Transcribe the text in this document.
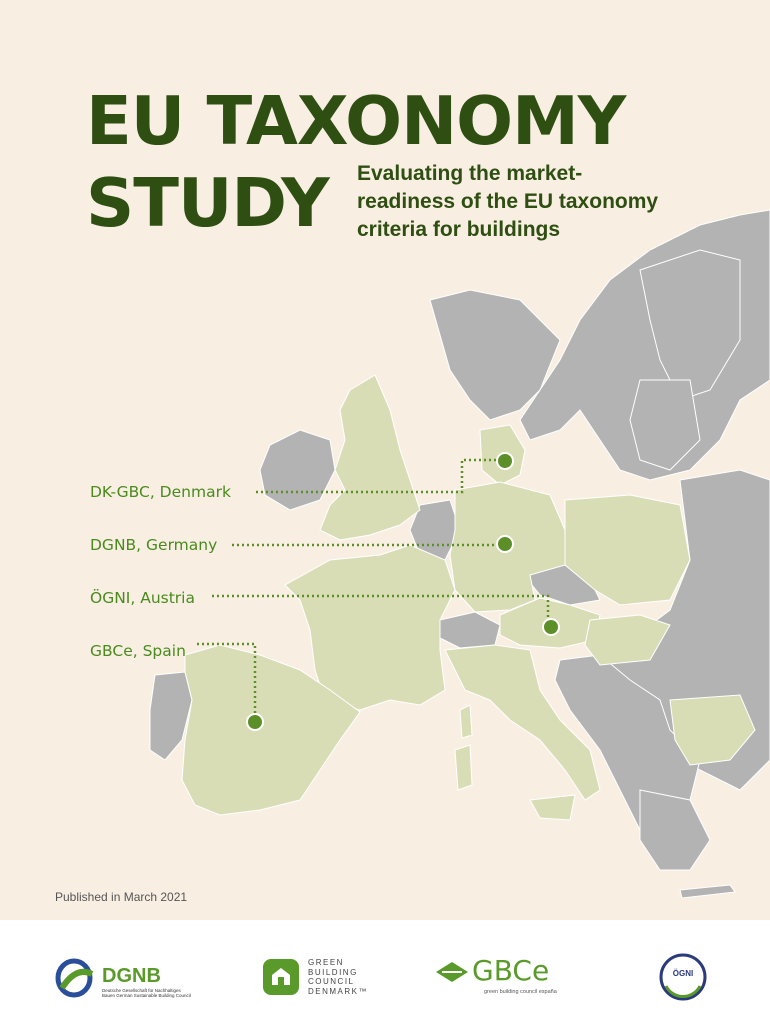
EU TAXONOMY
STUDY Evaluating the market-
readiness of the EU taxonomy
criteria for buildings

DK-GBC, Denmark
DGNB, Germany
ÖGNI, Austria
GBCe, Spain
Published in March 2021
DGNB
Deutsche Gesellschaft für Nachhaltiges Bauen German Sustainable Building Council
GREEN
BUILDING
COUNCIL
DENMARK™
GBCe
green building council españa
ÖGNI
